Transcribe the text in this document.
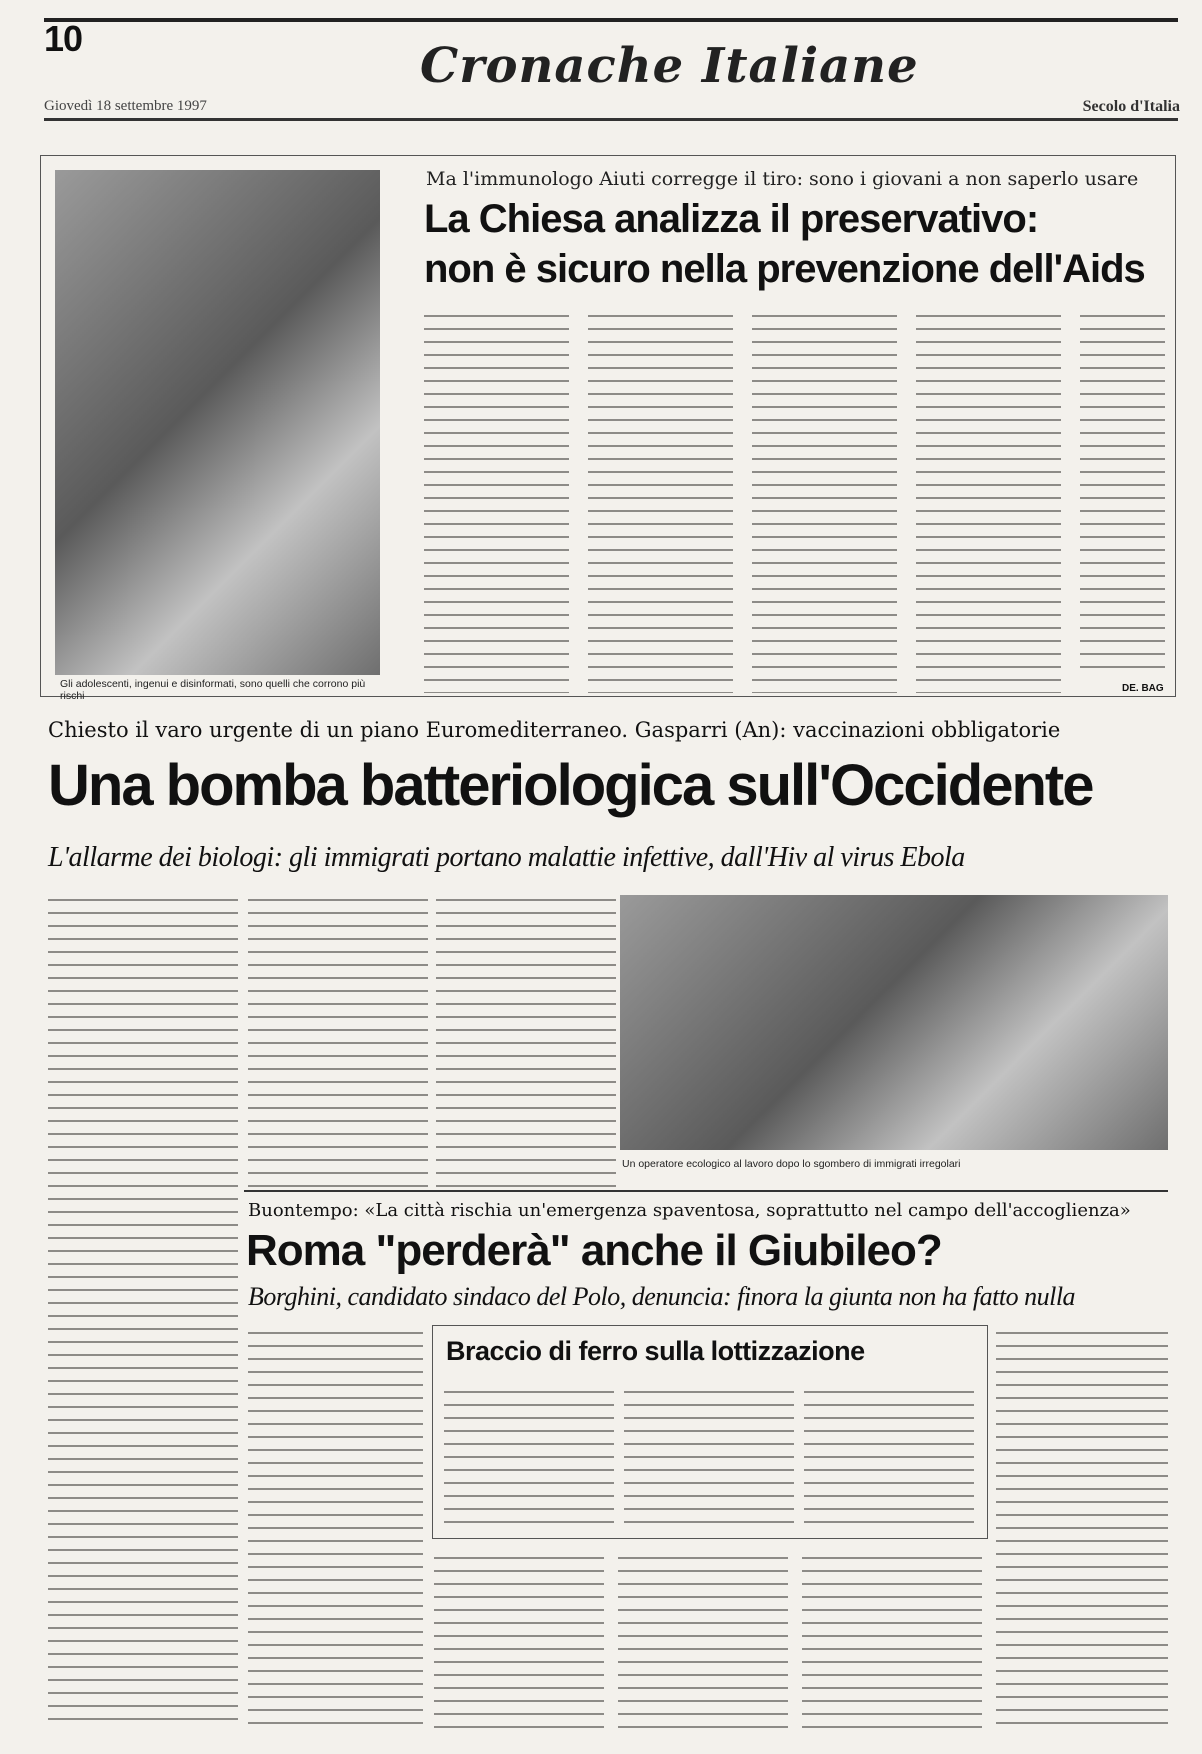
10	Cronache Italiane
Giovedì 18 settembre 1997	Secolo d'Italia
Gli adolescenti, ingenui e disinformati, sono quelli che corrono più rischi
Ma l'immunologo Aiuti corregge il tiro: sono i giovani a non saperlo usare
La Chiesa analizza il preservativo:
non è sicuro nella prevenzione dell'Aids
DE. BAG
Chiesto il varo urgente di un piano Euromediterraneo. Gasparri (An): vaccinazioni obbligatorie
Una bomba batteriologica sull'Occidente
L'allarme dei biologi: gli immigrati portano malattie infettive, dall'Hiv al virus Ebola
Un operatore ecologico al lavoro dopo lo sgombero di immigrati irregolari
Buontempo: «La città rischia un'emergenza spaventosa, soprattutto nel campo dell'accoglienza»
Roma "perderà" anche il Giubileo?
Borghini, candidato sindaco del Polo, denuncia: finora la giunta non ha fatto nulla
Braccio di ferro sulla lottizzazione
